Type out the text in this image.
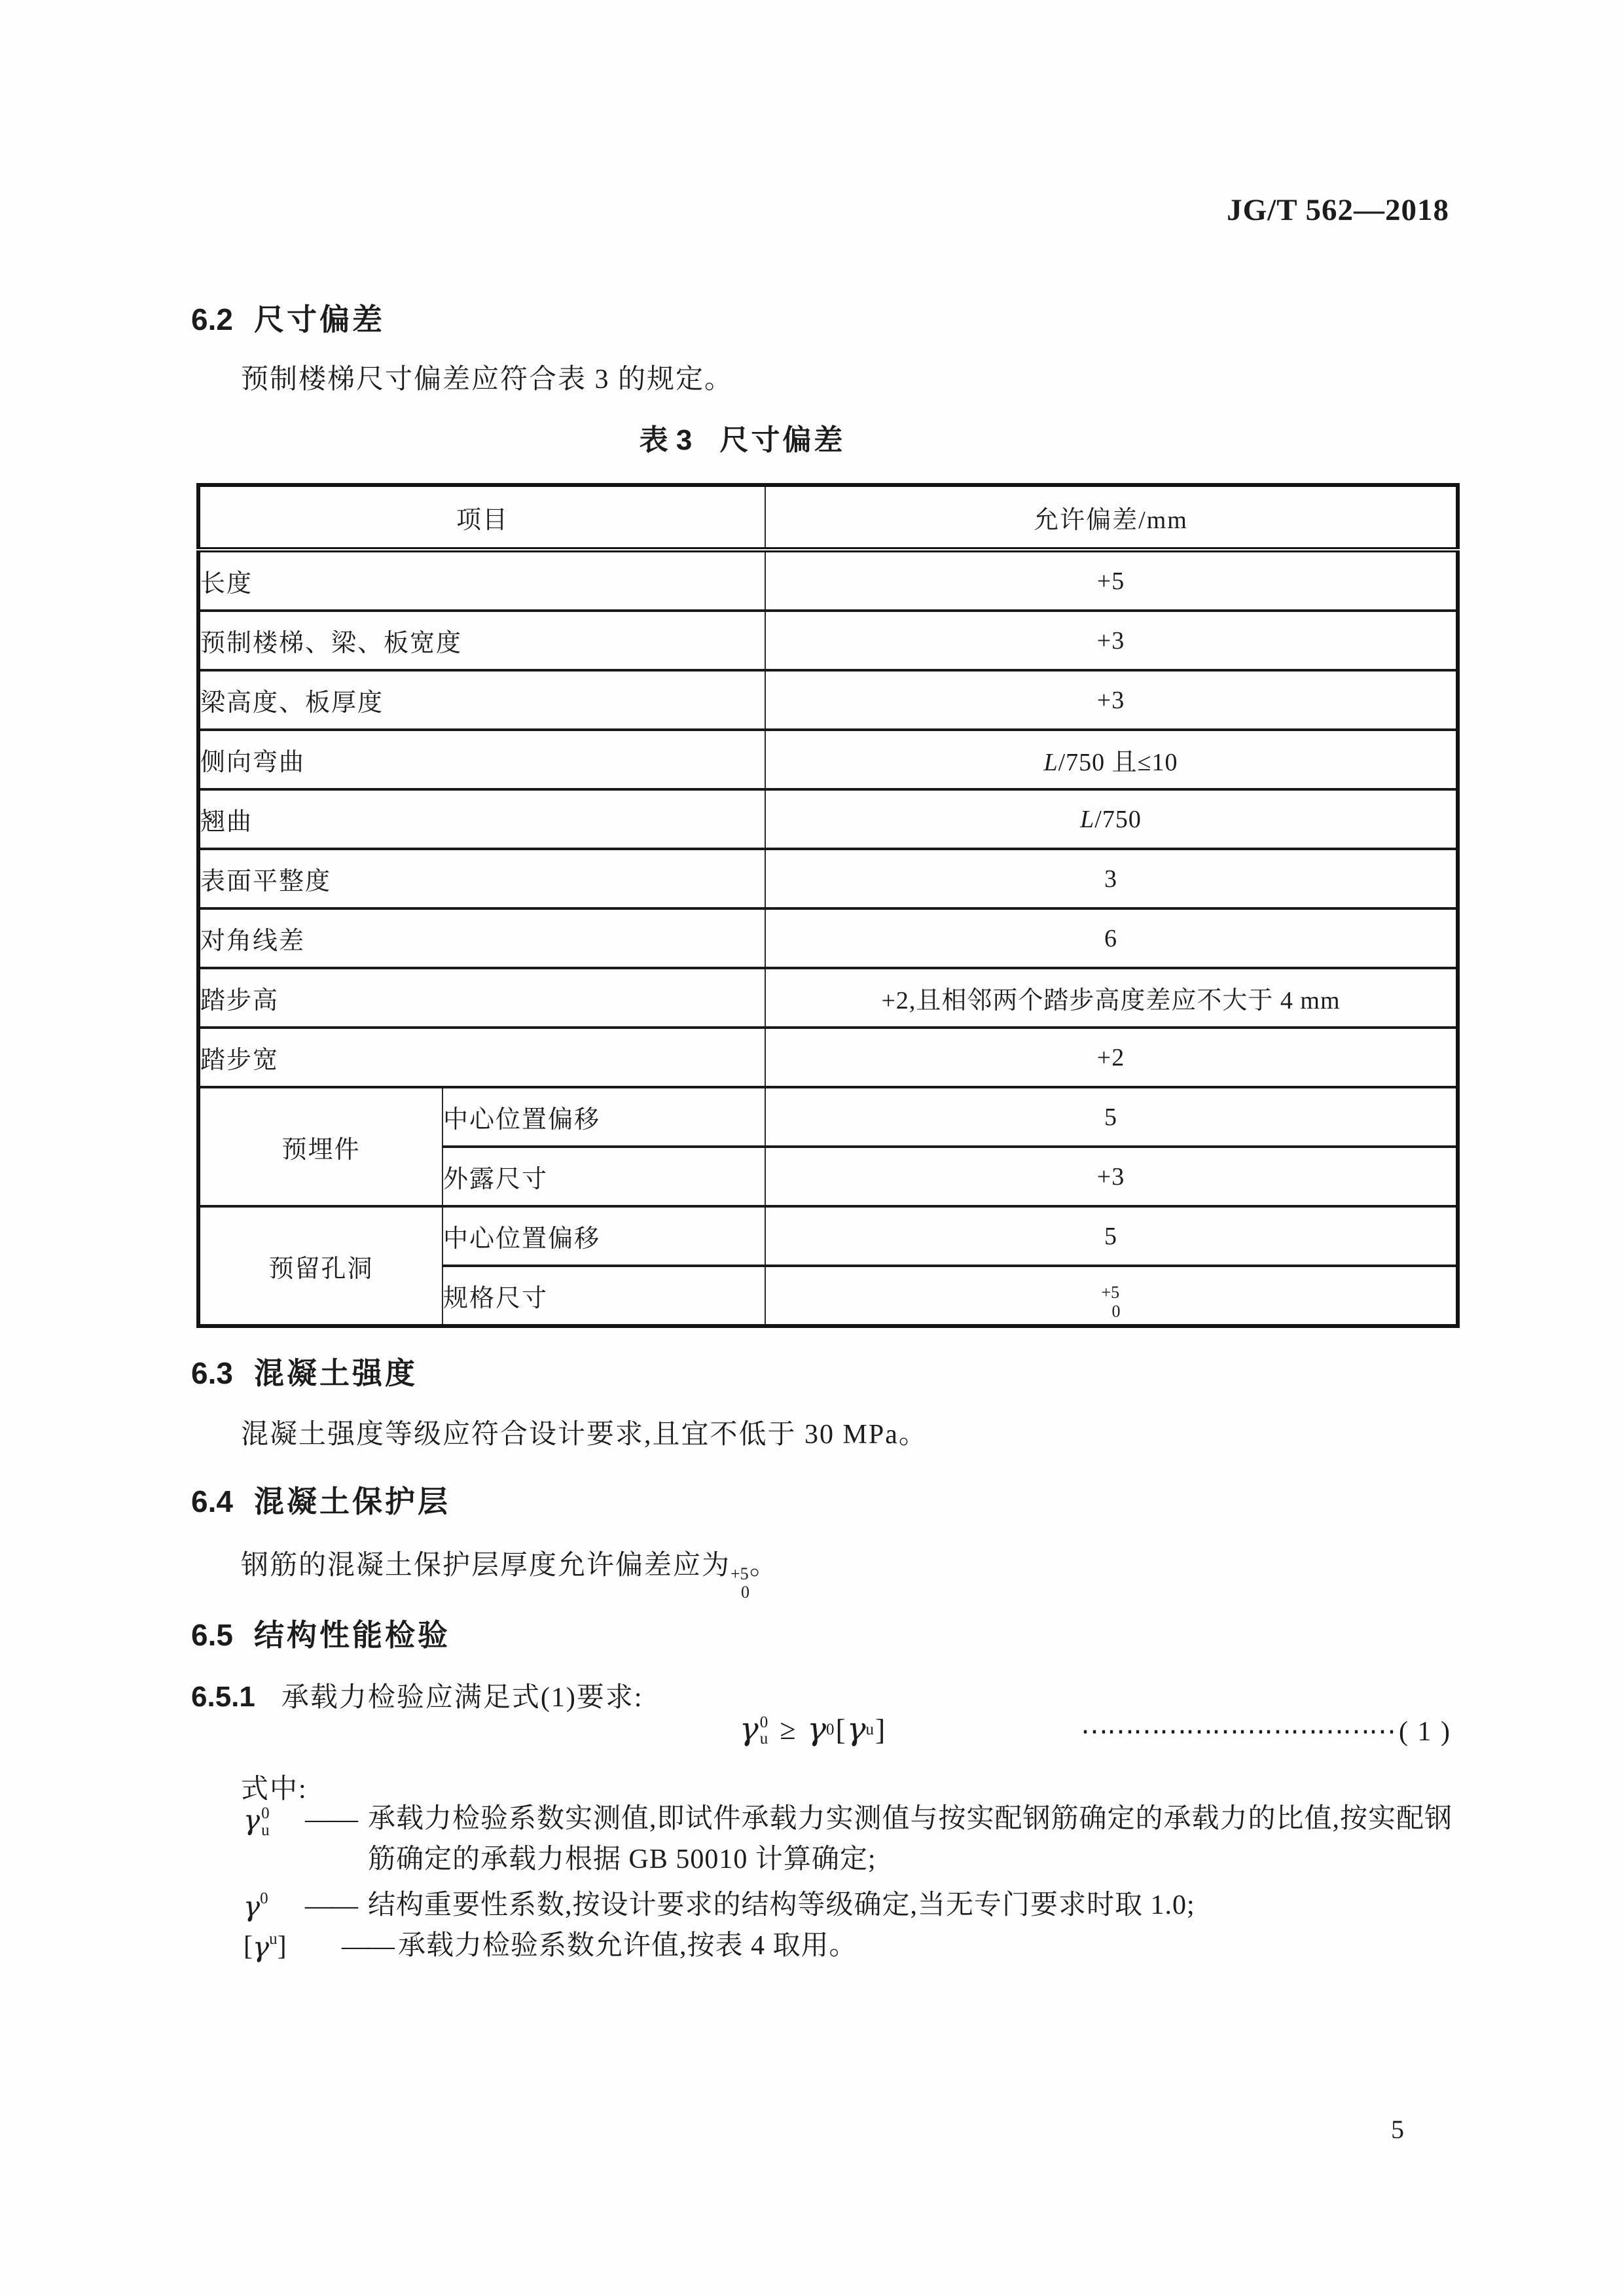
JG/T 562—2018
6.2 尺寸偏差
预制楼梯尺寸偏差应符合表 3 的规定。
表 3 尺寸偏差
项目		允许偏差/mm
长度		+5
预制楼梯、梁、板宽度		+3
梁高度、板厚度		+3
侧向弯曲		L/750 且≤10
翘曲		L/750
表面平整度		3
对角线差		6
踏步高		+2,且相邻两个踏步高度差应不大于 4 mm
踏步宽		+2
预埋件	中心位置偏移	5
	外露尺寸	+3
预留孔洞	中心位置偏移	5
	规格尺寸	+5
0
6.3 混凝土强度
混凝土强度等级应符合设计要求,且宜不低于 30 MPa。
6.4 混凝土保护层
钢筋的混凝土保护层厚度允许偏差应为 +5
0
。
6.5 结构性能检验
6.5.1 承载力检验应满足式(1)要求:
γ 0
u ≥ γ 0 [ γ u ]	⋯⋯⋯⋯⋯⋯⋯⋯⋯⋯⋯⋯ ( 1 )
式中:
γ 0
u —— 承载力检验系数实测值,即试件承载力实测值与按实配钢筋确定的承载力的比值,按实配钢筋确定的承载力根据 GB 50010 计算确定;
γ 0 —— 结构重要性系数,按设计要求的结构等级确定,当无专门要求时取 1.0;
[ γ u ] —— 承载力检验系数允许值,按表 4 取用。
5
